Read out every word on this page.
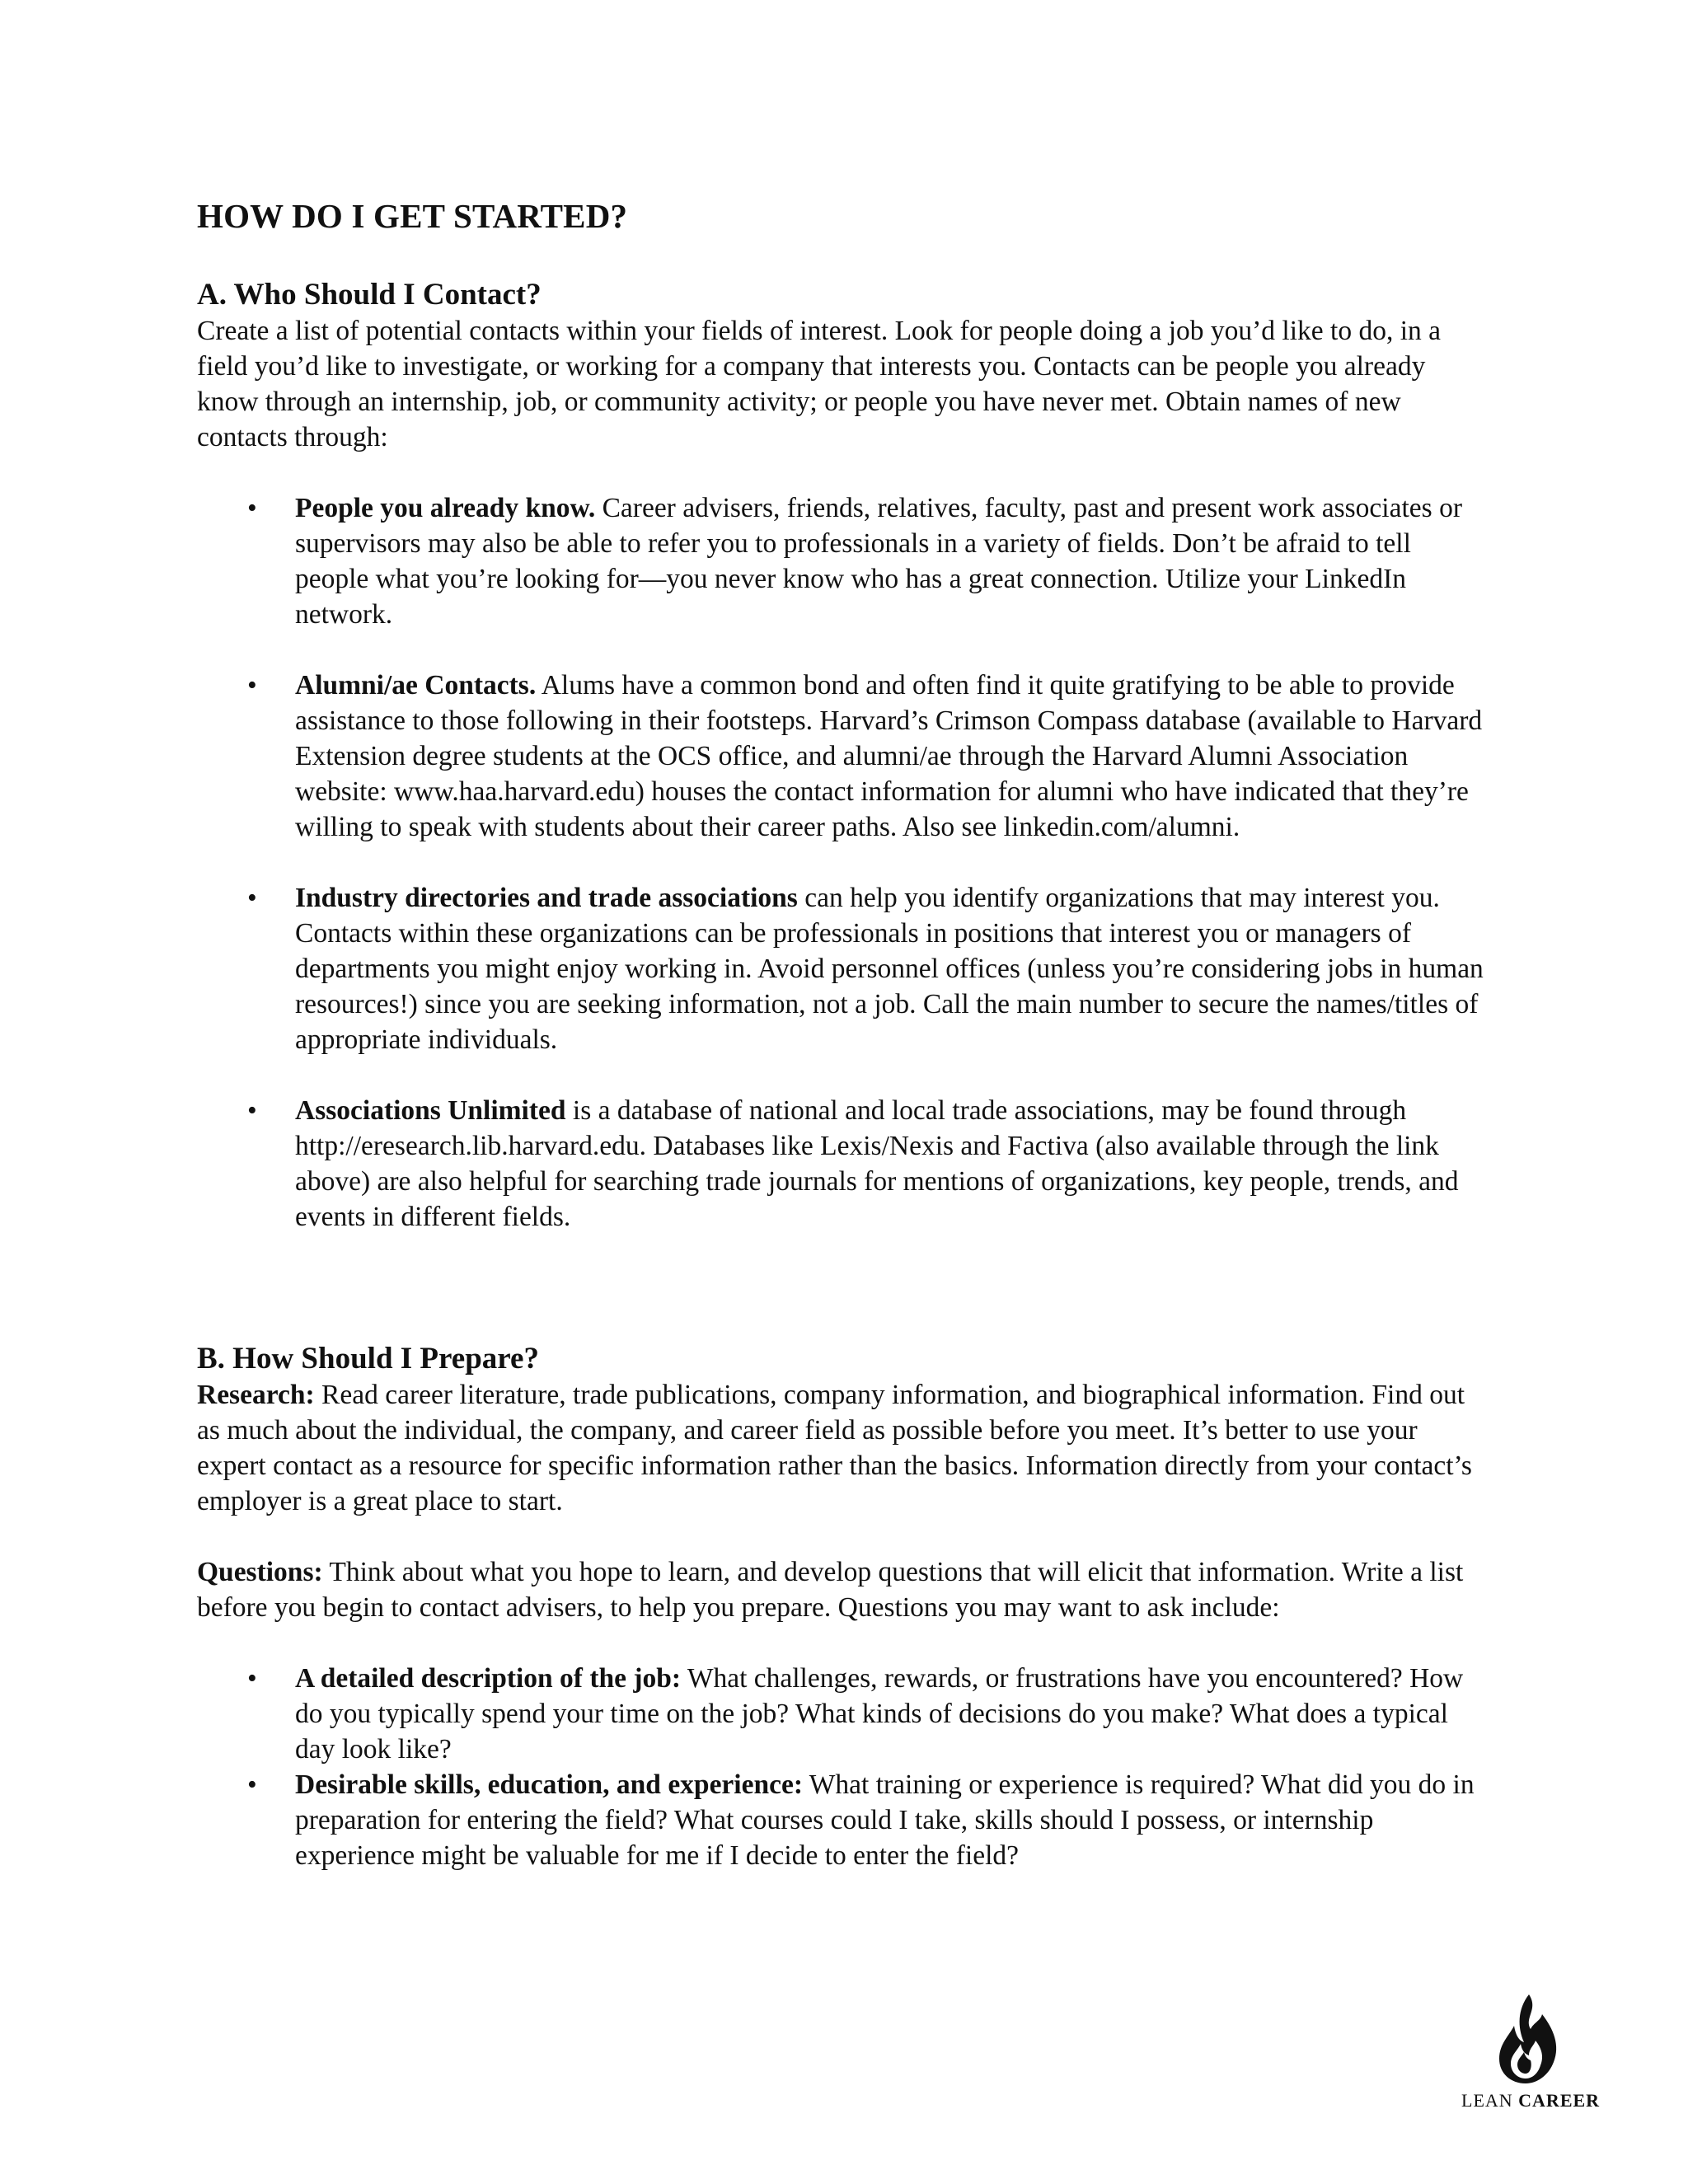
HOW DO I GET STARTED?
A. Who Should I Contact?

Create a list of potential contacts within your fields of interest. Look for people doing a job you’d like to do, in a field you’d like to investigate, or working for a company that interests you. Contacts can be people you already know through an internship, job, or community activity; or people you have never met. Obtain names of new contacts through:

• People you already know. Career advisers, friends, relatives, faculty, past and present work associates or supervisors may also be able to refer you to professionals in a variety of fields. Don’t be afraid to tell people what you’re looking for—you never know who has a great connection. Utilize your LinkedIn network.
• Alumni/ae Contacts. Alums have a common bond and often find it quite gratifying to be able to provide assistance to those following in their footsteps. Harvard’s Crimson Compass database (available to Harvard Extension degree students at the OCS office, and alumni/ae through the Harvard Alumni Association website: www.haa.harvard.edu) houses the contact information for alumni who have indicated that they’re willing to speak with students about their career paths. Also see linkedin.com/alumni.
• Industry directories and trade associations can help you identify organizations that may interest you. Contacts within these organizations can be professionals in positions that interest you or managers of departments you might enjoy working in. Avoid personnel offices (unless you’re considering jobs in human resources!) since you are seeking information, not a job. Call the main number to secure the names/titles of appropriate individuals.
• Associations Unlimited is a database of national and local trade associations, may be found through http://eresearch.lib.harvard.edu. Databases like Lexis/Nexis and Factiva (also available through the link above) are also helpful for searching trade journals for mentions of organizations, key people, trends, and events in different fields.
B. How Should I Prepare?

Research: Read career literature, trade publications, company information, and biographical information. Find out as much about the individual, the company, and career field as possible before you meet. It’s better to use your expert contact as a resource for specific information rather than the basics. Information directly from your contact’s employer is a great place to start.

Questions: Think about what you hope to learn, and develop questions that will elicit that information. Write a list before you begin to contact advisers, to help you prepare. Questions you may want to ask include:

• A detailed description of the job: What challenges, rewards, or frustrations have you encountered? How do you typically spend your time on the job? What kinds of decisions do you make? What does a typical day look like?
• Desirable skills, education, and experience: What training or experience is required? What did you do in preparation for entering the field? What courses could I take, skills should I possess, or internship experience might be valuable for me if I decide to enter the field?
LEAN CAREER
